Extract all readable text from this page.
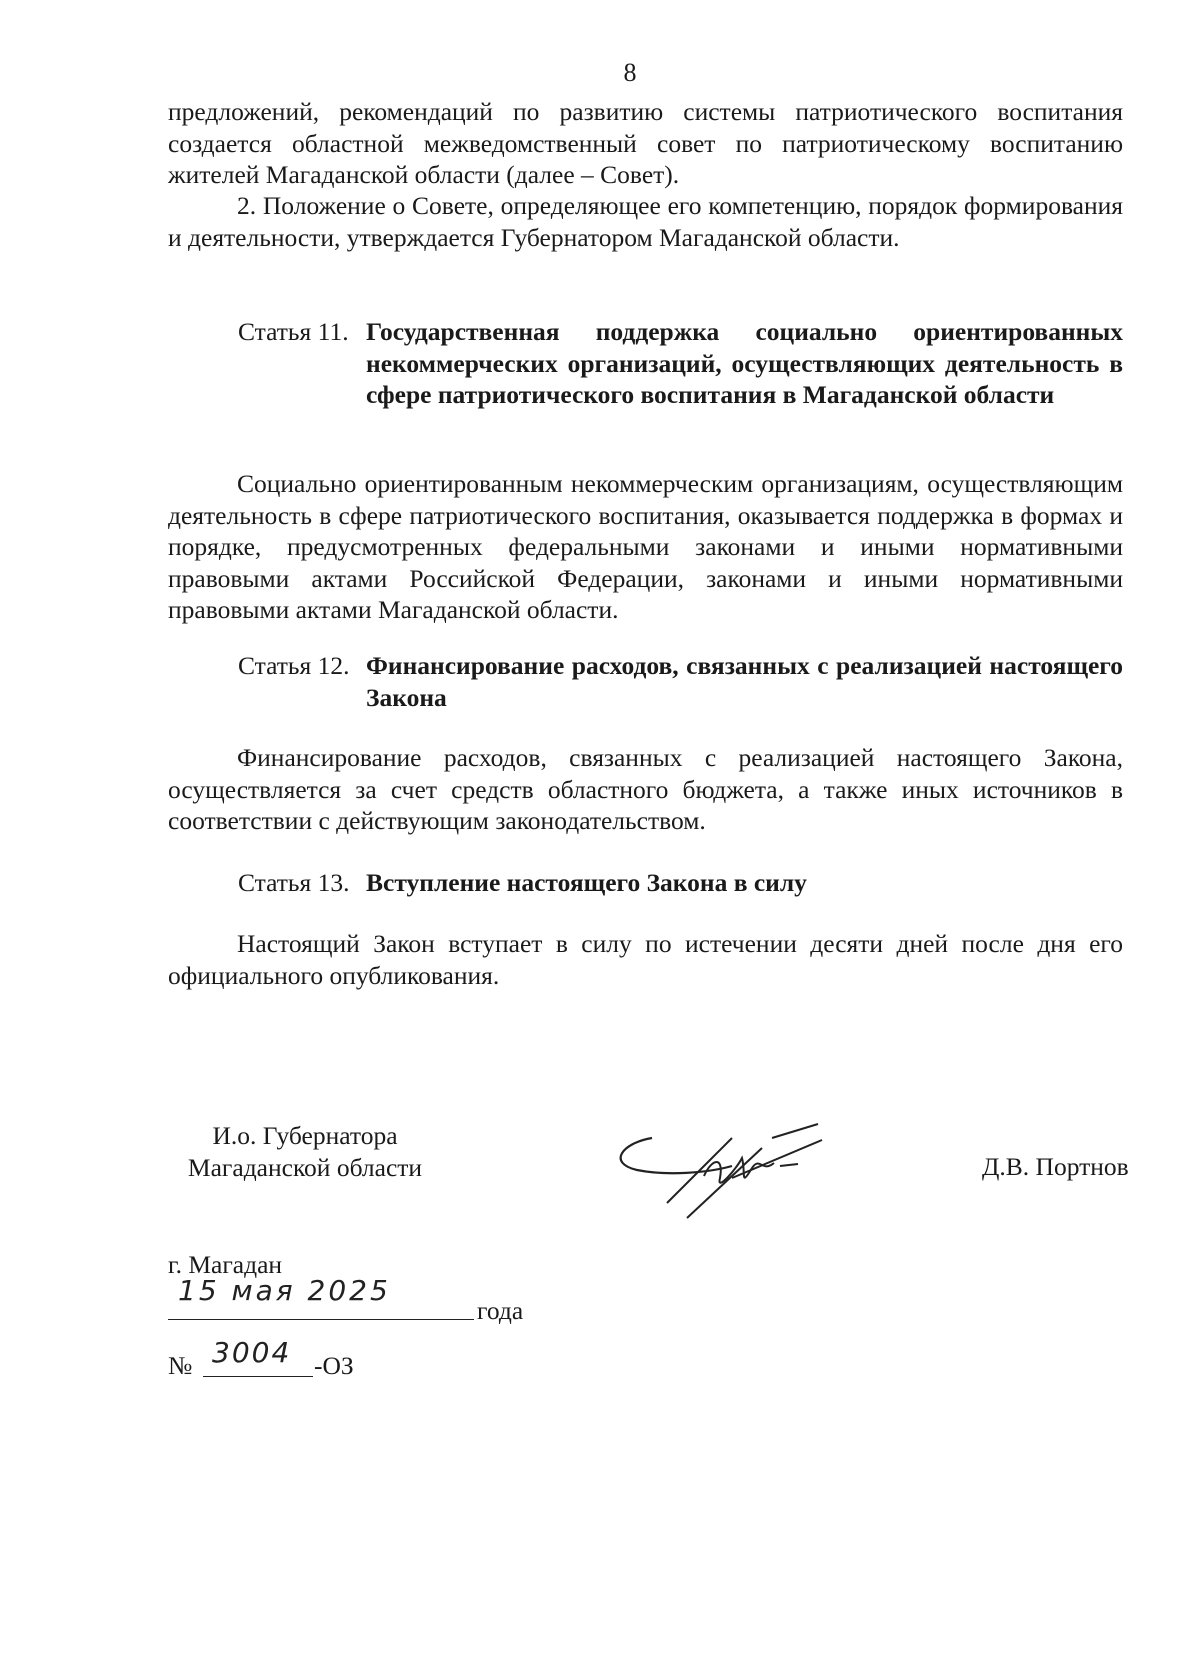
8

предложений, рекомендаций по развитию системы патриотического воспитания создается областной межведомственный совет по патриотическому воспитанию жителей Магаданской области (далее – Совет).

2. Положение о Совете, определяющее его компетенцию, порядок формирования и деятельности, утверждается Губернатором Магаданской области.

Статья 11. Государственная поддержка социально ориентированных некоммерческих организаций, осуществляющих деятельность в сфере патриотического воспитания в Магаданской области

Социально ориентированным некоммерческим организациям, осуществляющим деятельность в сфере патриотического воспитания, оказывается поддержка в формах и порядке, предусмотренных федеральными законами и иными нормативными правовыми актами Российской Федерации, законами и иными нормативными правовыми актами Магаданской области.

Статья 12. Финансирование расходов, связанных с реализацией настоящего Закона

Финансирование расходов, связанных с реализацией настоящего Закона, осуществляется за счет средств областного бюджета, а также иных источников в соответствии с действующим законодательством.

Статья 13. Вступление настоящего Закона в силу

Настоящий Закон вступает в силу по истечении десяти дней после дня его официального опубликования.

И.о. Губернатора
Магаданской области	Д.В. Портнов
г. Магадан
15 мая 2025
года
№ 3004 -ОЗ
